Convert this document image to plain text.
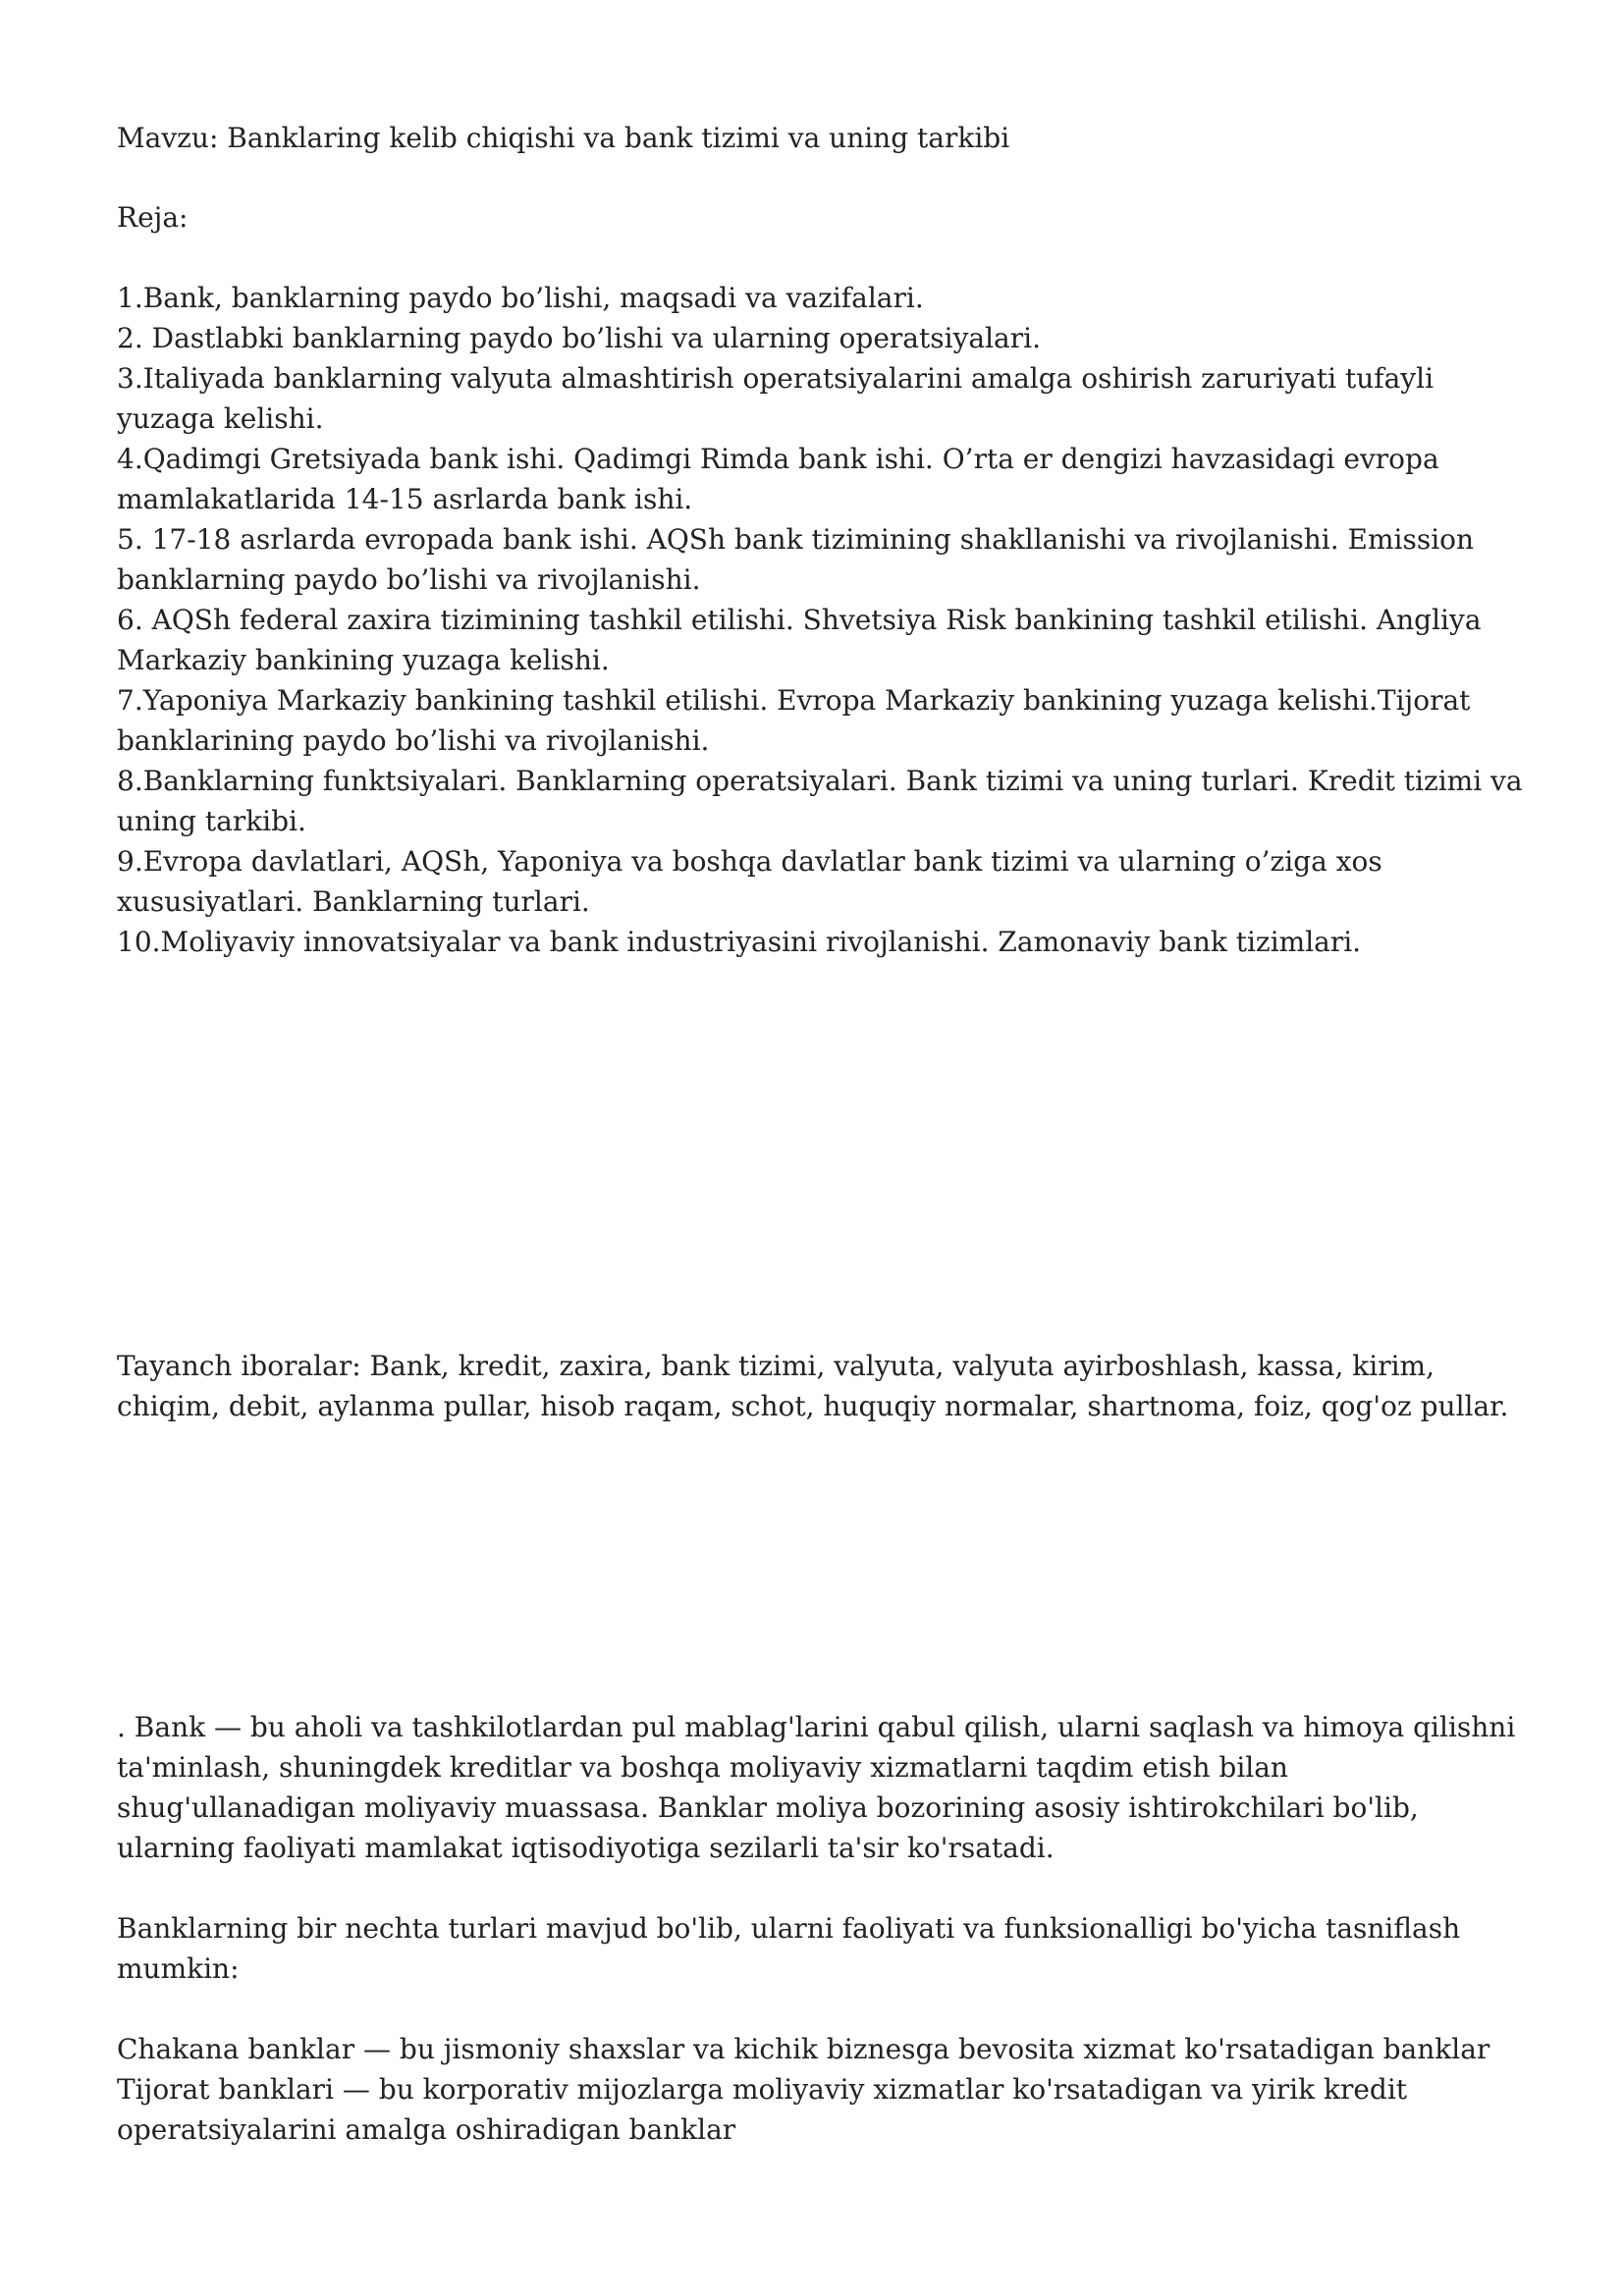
Mavzu: Banklaring kelib chiqishi va bank tizimi va uning tarkibi
Reja:
1.Bank, banklarning paydo bo’lishi, maqsadi va vazifalari.
2. Dastlabki banklarning paydo bo’lishi va ularning operatsiyalari.
3.Italiyada banklarning valyuta almashtirish operatsiyalarini amalga oshirish zaruriyati tufayli yuzaga kelishi.
4.Qadimgi Gretsiyada bank ishi. Qadimgi Rimda bank ishi. O’rta er dengizi havzasidagi evropa mamlakatlarida 14-15 asrlarda bank ishi.
5. 17-18 asrlarda evropada bank ishi. AQSh bank tizimining shakllanishi va rivojlanishi. Emission banklarning paydo bo’lishi va rivojlanishi.
6. AQSh federal zaxira tizimining tashkil etilishi. Shvetsiya Risk bankining tashkil etilishi. Angliya Markaziy bankining yuzaga kelishi.
7.Yaponiya Markaziy bankining tashkil etilishi. Evropa Markaziy bankining yuzaga kelishi.Tijorat banklarining paydo bo’lishi va rivojlanishi.
8.Banklarning funktsiyalari. Banklarning operatsiyalari. Bank tizimi va uning turlari. Kredit tizimi va uning tarkibi.
9.Evropa davlatlari, AQSh, Yaponiya va boshqa davlatlar bank tizimi va ularning o’ziga xos xususiyatlari. Banklarning turlari.
10.Moliyaviy innovatsiyalar va bank industriyasini rivojlanishi. Zamonaviy bank tizimlari.
Tayanch iboralar: Bank, kredit, zaxira, bank tizimi, valyuta, valyuta ayirboshlash, kassa, kirim, chiqim, debit, aylanma pullar, hisob raqam, schot, huquqiy normalar, shartnoma, foiz, qog'oz pullar.
. Bank — bu aholi va tashkilotlardan pul mablag'larini qabul qilish, ularni saqlash va himoya qilishni ta'minlash, shuningdek kreditlar va boshqa moliyaviy xizmatlarni taqdim etish bilan shug'ullanadigan moliyaviy muassasa. Banklar moliya bozorining asosiy ishtirokchilari bo'lib, ularning faoliyati mamlakat iqtisodiyotiga sezilarli ta'sir ko'rsatadi.
Banklarning bir nechta turlari mavjud bo'lib, ularni faoliyati va funksionalligi bo'yicha tasniflash mumkin:
Chakana banklar — bu jismoniy shaxslar va kichik biznesga bevosita xizmat ko'rsatadigan banklar
Tijorat banklari — bu korporativ mijozlarga moliyaviy xizmatlar ko'rsatadigan va yirik kredit operatsiyalarini amalga oshiradigan banklar
